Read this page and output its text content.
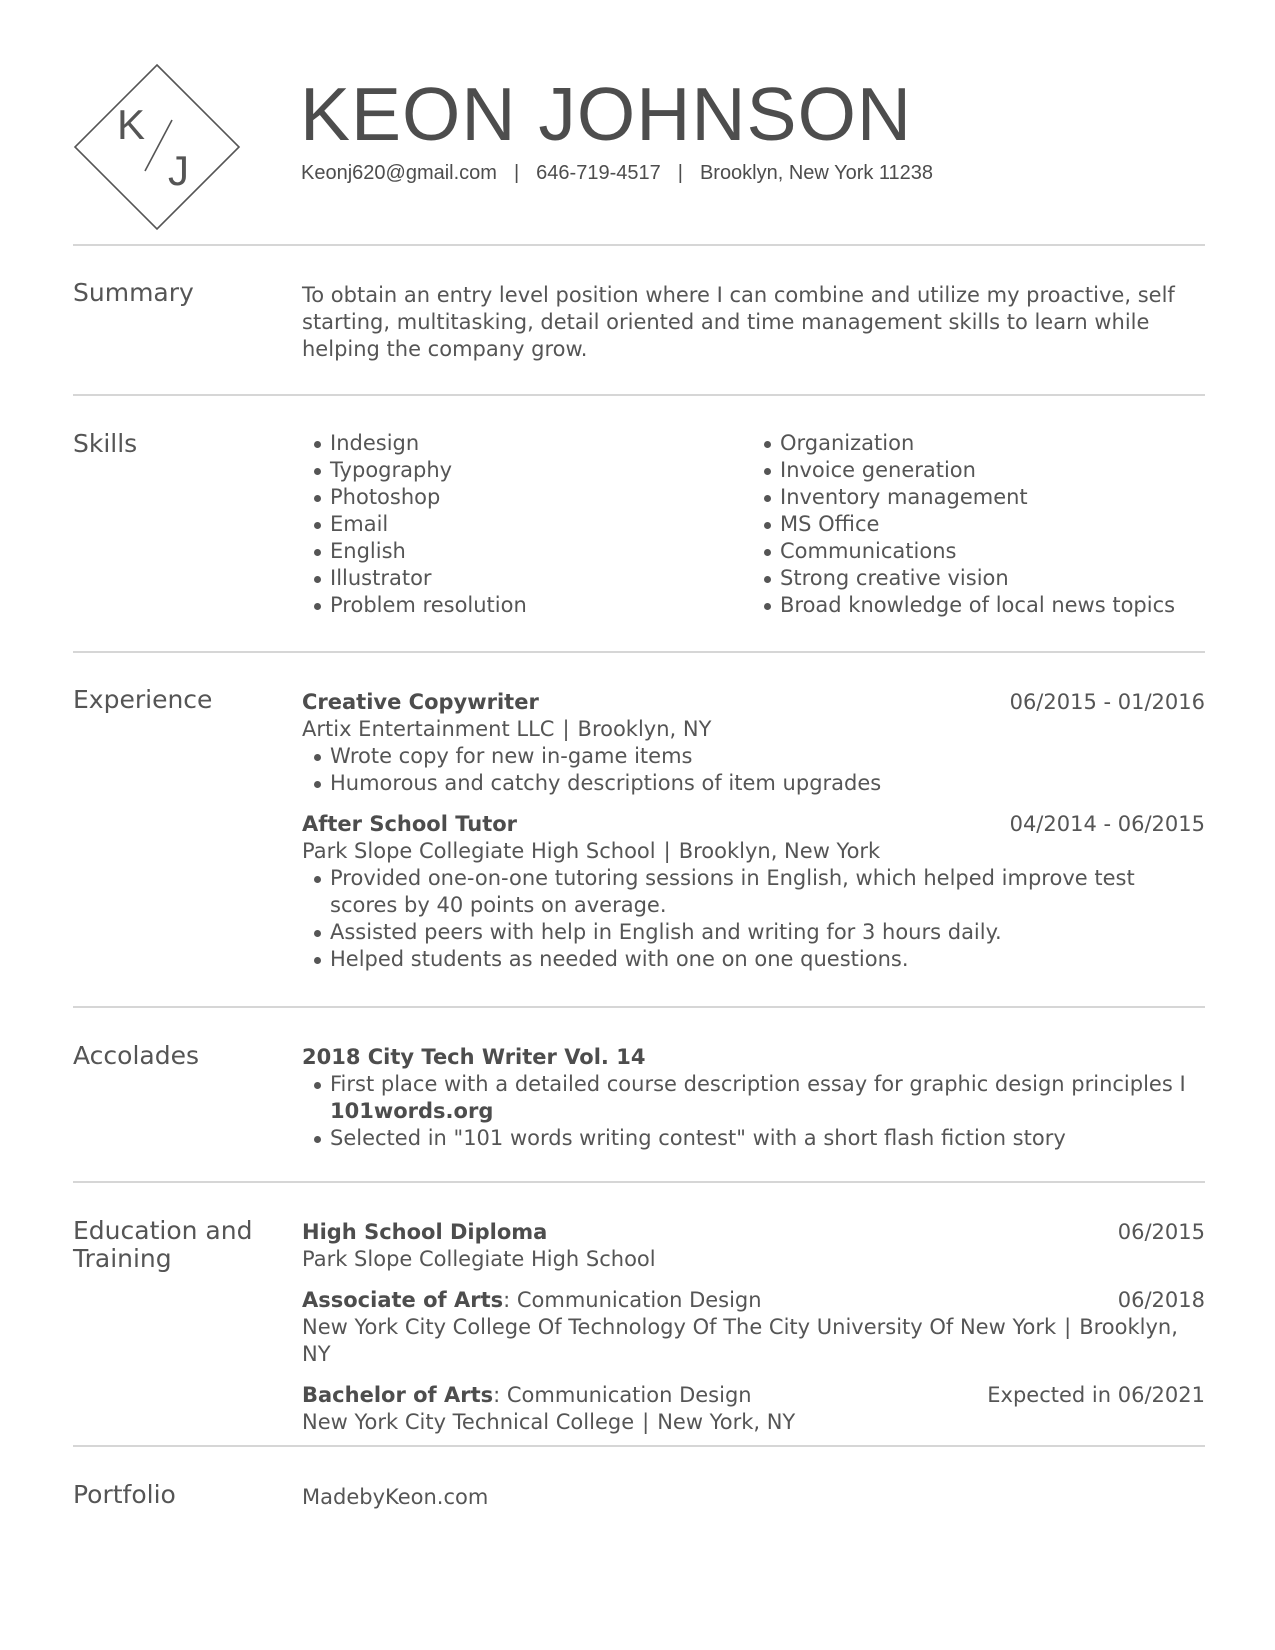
K
J
KEON JOHNSON
Keonj620@gmail.com | 646-719-4517 | Brooklyn, New York 11238
Summary	To obtain an entry level position where I can combine and utilize my proactive, self starting, multitasking, detail oriented and time management skills to learn while helping the company grow.

Skills	Indesign
Typography
Photoshop
Email
English
Illustrator
Problem resolution
Organization
Invoice generation
Inventory management
MS Office
Communications
Strong creative vision
Broad knowledge of local news topics
Experience	Creative Copywriter	06/2015 - 01/2016
Artix Entertainment LLC | Brooklyn, NY
Wrote copy for new in-game items
Humorous and catchy descriptions of item upgrades
After School Tutor	04/2014 - 06/2015
Park Slope Collegiate High School | Brooklyn, New York
Provided one-on-one tutoring sessions in English, which helped improve test scores by 40 points on average.
Assisted peers with help in English and writing for 3 hours daily.
Helped students as needed with one on one questions.
Accolades	2018 City Tech Writer Vol. 14
First place with a detailed course description essay for graphic design principles I 101words.org
Selected in "101 words writing contest" with a short flash fiction story
Education and Training
High School Diploma	06/2015
Park Slope Collegiate High School
Associate of Arts: Communication Design	06/2018
New York City College Of Technology Of The City University Of New York | Brooklyn, NY
Bachelor of Arts: Communication Design	Expected in 06/2021
New York City Technical College | New York, NY
Portfolio	MadebyKeon.com
